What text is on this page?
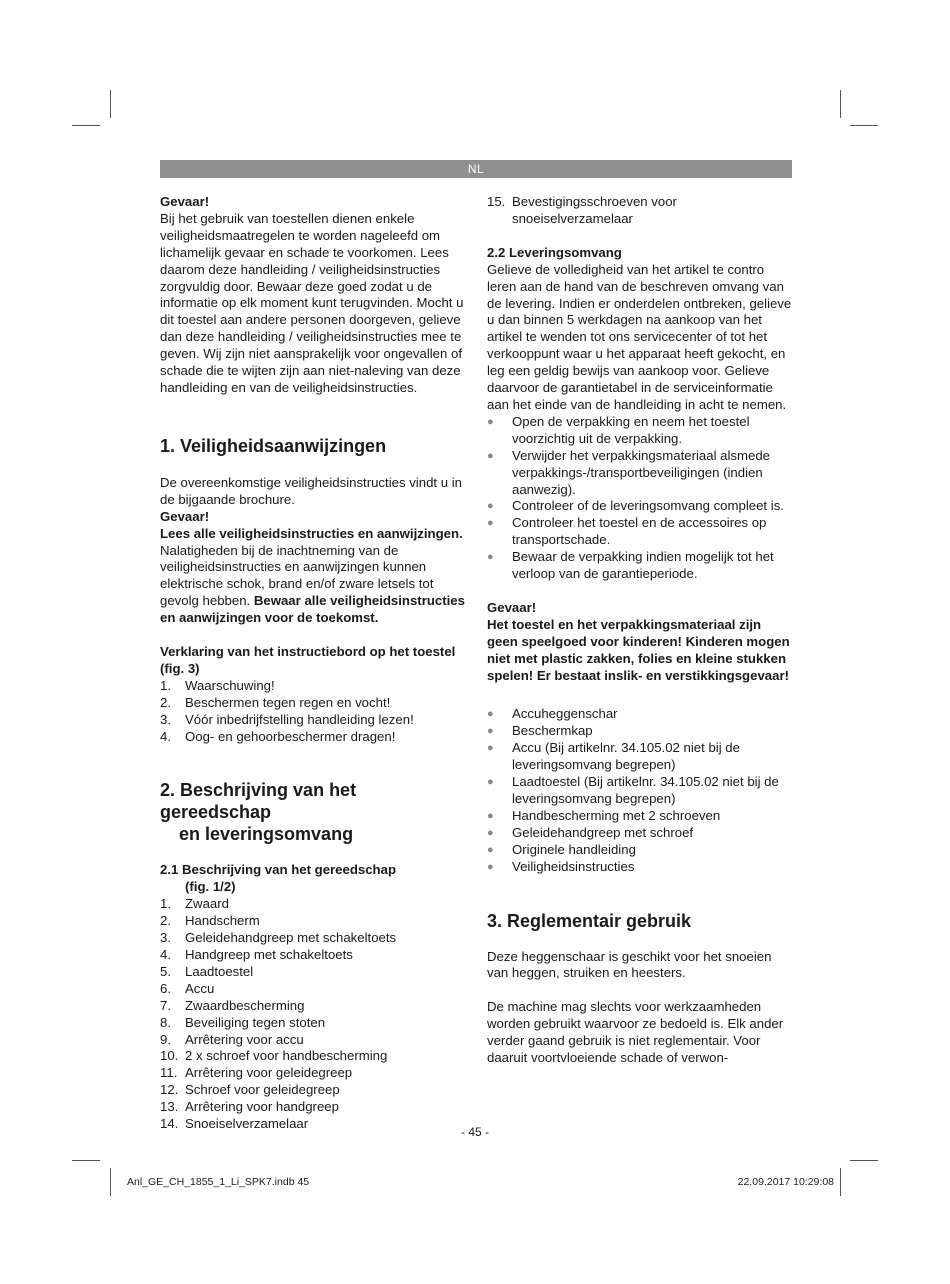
NL

Gevaar!

Bij het gebruik van toestellen dienen enkele veiligheidsmaatregelen te worden nageleefd om lichamelijk gevaar en schade te voorkomen. Lees daarom deze handleiding / veiligheidsinstructies zorgvuldig door. Bewaar deze goed zodat u de informatie op elk moment kunt terugvinden. Mocht u dit toestel aan andere personen doorgeven, gelieve dan deze handleiding / veiligheidsinstructies mee te geven. Wij zijn niet aansprakelijk voor ongevallen of schade die te wijten zijn aan niet-naleving van deze handleiding en van de veiligheidsinstructies.

1. Veiligheidsaanwijzingen

De overeenkomstige veiligheidsinstructies vindt u in de bijgaande brochure.

Gevaar!

Lees alle veiligheidsinstructies en aanwijzingen. Nalatigheden bij de inachtneming van de veiligheidsinstructies en aanwijzingen kunnen elektrische schok, brand en/of zware letsels tot gevolg hebben. Bewaar alle veiligheidsinstructies en aanwijzingen voor de toekomst.

Verklaring van het instructiebord op het toestel (fig. 3)

1.	Waarschuwing!
2.	Beschermen tegen regen en vocht!
3.	Vóór inbedrijfstelling handleiding lezen!
4.	Oog- en gehoorbeschermer dragen!

2. Beschrijving van het gereedschap
en leveringsomvang

2.1 Beschrijving van het gereedschap
(fig. 1/2)

1.	Zwaard
2.	Handscherm
3.	Geleidehandgreep met schakeltoets
4.	Handgreep met schakeltoets
5.	Laadtoestel
6.	Accu
7.	Zwaardbescherming
8.	Beveiliging tegen stoten
9.	Arrêtering voor accu
10. 2 x schroef voor handbescherming
11. Arrêtering voor geleidegreep
12. Schroef voor geleidegreep
13. Arrêtering voor handgreep
14. Snoeiselverzamelaar
15. Bevestigingsschroeven voor snoeiselverzamelaar

2.2 Leveringsomvang

Gelieve de volledigheid van het artikel te contro leren aan de hand van de beschreven omvang van de levering. Indien er onderdelen ontbreken, gelieve u dan binnen 5 werkdagen na aankoop van het artikel te wenden tot ons servicecenter of tot het verkooppunt waar u het apparaat heeft gekocht, en leg een geldig bewijs van aankoop voor. Gelieve daarvoor de garantietabel in de serviceinformatie aan het einde van de handleiding in acht te nemen.

●	Open de verpakking en neem het toestel voorzichtig uit de verpakking.
●	Verwijder het verpakkingsmateriaal alsmede verpakkings-/transportbeveiligingen (indien aanwezig).
●	Controleer of de leveringsomvang compleet is.
●	Controleer het toestel en de accessoires op transportschade.
●	Bewaar de verpakking indien mogelijk tot het verloop van de garantieperiode.

Gevaar!

Het toestel en het verpakkingsmateriaal zijn geen speelgoed voor kinderen! Kinderen mogen niet met plastic zakken, folies en kleine stukken spelen! Er bestaat inslik- en verstikkingsgevaar!

●	Accuheggenschar
●	Beschermkap
●	Accu (Bij artikelnr. 34.105.02 niet bij de leveringsomvang begrepen)
●	Laadtoestel (Bij artikelnr. 34.105.02 niet bij de leveringsomvang begrepen)
●	Handbescherming met 2 schroeven
●	Geleidehandgreep met schroef
●	Originele handleiding
●	Veiligheidsinstructies

3. Reglementair gebruik

Deze heggenschaar is geschikt voor het snoeien van heggen, struiken en heesters.

De machine mag slechts voor werkzaamheden worden gebruikt waarvoor ze bedoeld is. Elk ander verder gaand gebruik is niet reglementair. Voor daaruit voortvloeiende schade of verwon-

- 45 -
Anl_GE_CH_1855_1_Li_SPK7.indb 45	22.09.2017 10:29:08
